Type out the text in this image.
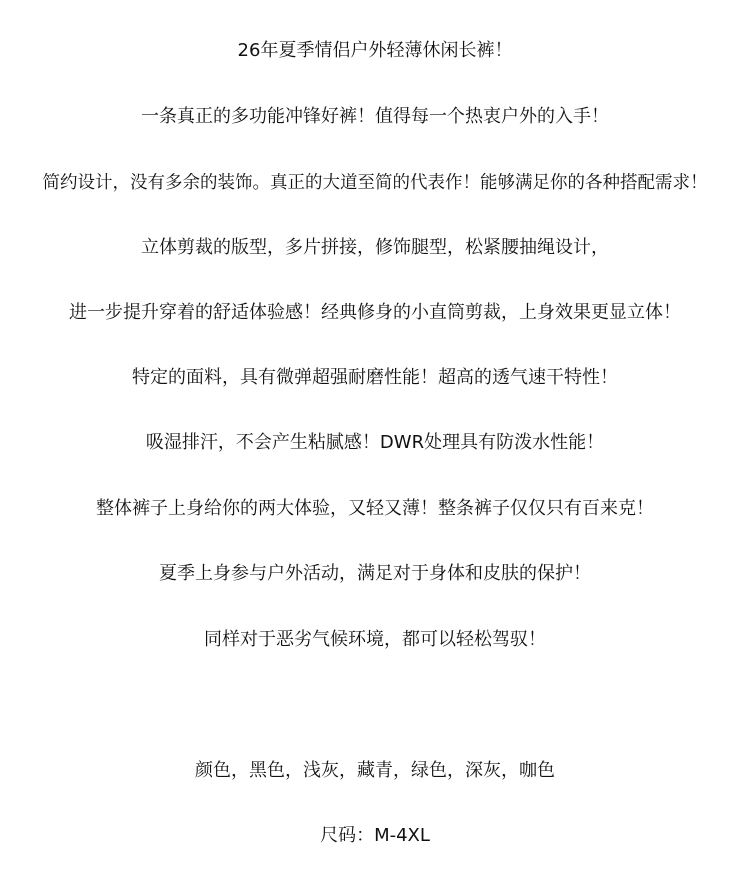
26年夏季情侣户外轻薄休闲长裤！
一条真正的多功能冲锋好裤！值得每一个热衷户外的入手！
简约设计，没有多余的装饰。真正的大道至简的代表作！能够满足你的各种搭配需求！
立体剪裁的版型，多片拼接，修饰腿型，松紧腰抽绳设计，
进一步提升穿着的舒适体验感！经典修身的小直筒剪裁，上身效果更显立体！
特定的面料，具有微弹超强耐磨性能！超高的透气速干特性！
吸湿排汗，不会产生粘腻感！DWR处理具有防泼水性能！
整体裤子上身给你的两大体验，又轻又薄！整条裤子仅仅只有百来克！
夏季上身参与户外活动，满足对于身体和皮肤的保护！
同样对于恶劣气候环境，都可以轻松驾驭！
颜色，黑色，浅灰，藏青，绿色，深灰，咖色
尺码：M-4XL
